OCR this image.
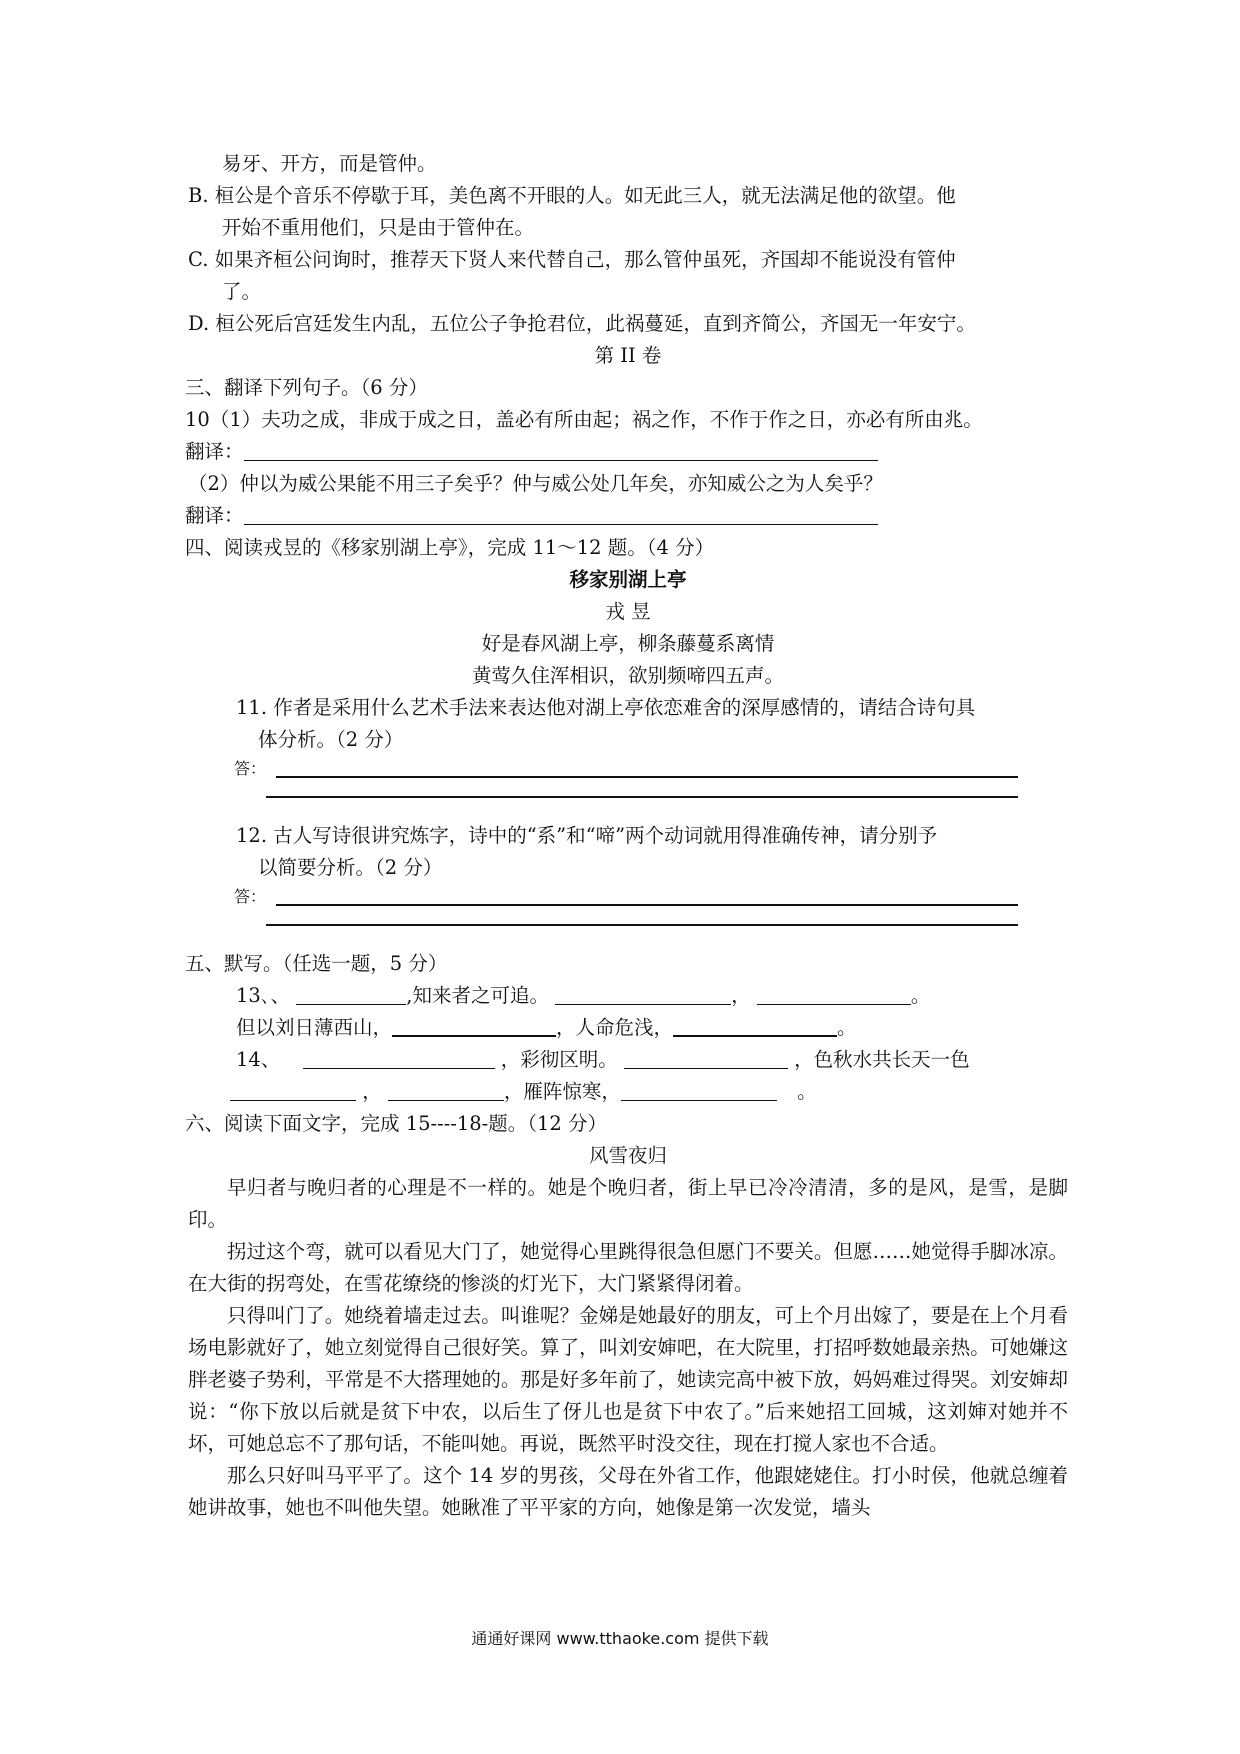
易牙、开方，而是管仲。
B. 桓公是个音乐不停歇于耳，美色离不开眼的人。如无此三人，就无法满足他的欲望。他
开始不重用他们，只是由于管仲在。
C. 如果齐桓公问询时，推荐天下贤人来代替自己，那么管仲虽死，齐国却不能说没有管仲
了。
D. 桓公死后宫廷发生内乱，五位公子争抢君位，此祸蔓延，直到齐简公，齐国无一年安宁。
第 II 卷
三、翻译下列句子。（6 分）
10（1）夫功之成，非成于成之日，盖必有所由起；祸之作，不作于作之日，亦必有所由兆。
翻译：
（2）仲以为威公果能不用三子矣乎？仲与威公处几年矣，亦知威公之为人矣乎？
翻译：
四、阅读戎昱的《移家别湖上亭》，完成 11～12 题。（4 分）
移家别湖上亭
戎 昱
好是春风湖上亭，柳条藤蔓系离情
黄莺久住浑相识，欲别频啼四五声。
11. 作者是采用什么艺术手法来表达他对湖上亭依恋难舍的深厚感情的，请结合诗句具
体分析。（2 分）
答：
12. 古人写诗很讲究炼字，诗中的“系”和“啼”两个动词就用得准确传神，请分别予
以简要分析。（2 分）
答：
五、默写。（任选一题，5 分）
13､、	,知来者之可追。	，	。
但以刘日薄西山，	，人命危浅，	。
14、	，彩彻区明。	，色秋水共长天一色
，	，雁阵惊寒，	。
六、阅读下面文字，完成 15----18-题。（12 分）
风雪夜归
早归者与晚归者的心理是不一样的。她是个晚归者，街上早已冷冷清清，多的是风，是雪，是脚印。
拐过这个弯，就可以看见大门了，她觉得心里跳得很急但愿门不要关。但愿……她觉得手脚冰凉。在大街的拐弯处，在雪花缭绕的惨淡的灯光下，大门紧紧得闭着。
只得叫门了。她绕着墙走过去。叫谁呢？金娣是她最好的朋友，可上个月出嫁了，要是在上个月看场电影就好了，她立刻觉得自己很好笑。算了，叫刘安婶吧，在大院里，打招呼数她最亲热。可她嫌这胖老婆子势利，平常是不大搭理她的。那是好多年前了，她读完高中被下放，妈妈难过得哭。刘安婶却说：“你下放以后就是贫下中农，以后生了伢儿也是贫下中农了。”后来她招工回城，这刘婶对她并不坏，可她总忘不了那句话，不能叫她。再说，既然平时没交往，现在打搅人家也不合适。
那么只好叫马平平了。这个 14 岁的男孩，父母在外省工作，他跟姥姥住。打小时侯，他就总缠着她讲故事，她也不叫他失望。她瞅准了平平家的方向，她像是第一次发觉，墙头
通通好课网 www.tthaoke.com 提供下载
